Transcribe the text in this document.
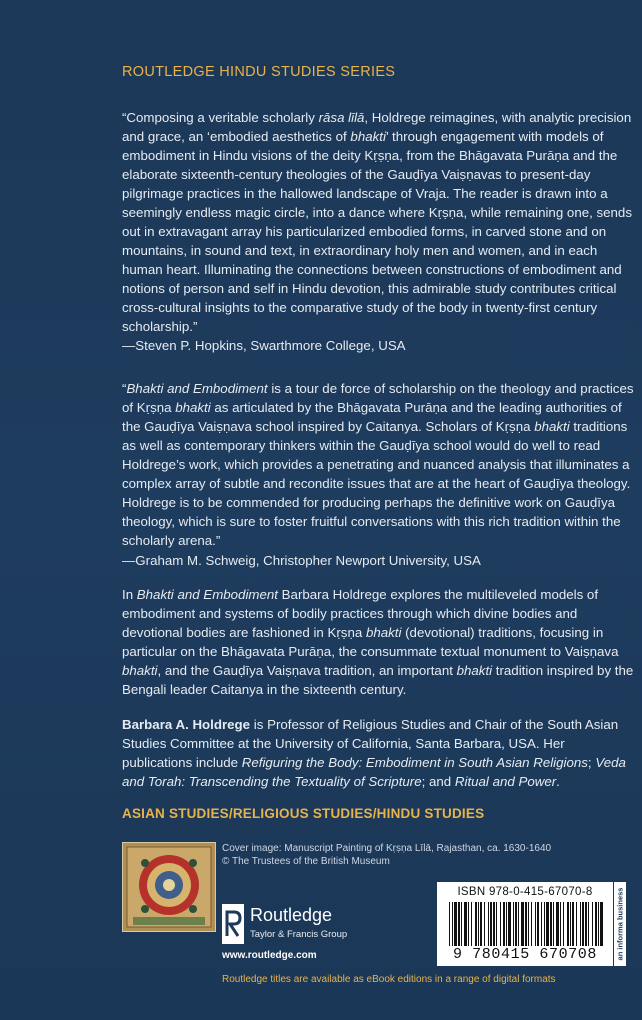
ROUTLEDGE HINDU STUDIES SERIES

“Composing a veritable scholarly rāsa līlā, Holdrege reimagines, with analytic precision and grace, an ‘embodied aesthetics of bhakti’ through engagement with models of embodiment in Hindu visions of the deity Kṛṣṇa, from the Bhāgavata Purāṇa and the elaborate sixteenth-century theologies of the Gauḍīya Vaiṣṇavas to present-day pilgrimage practices in the hallowed landscape of Vraja. The reader is drawn into a seemingly endless magic circle, into a dance where Kṛṣṇa, while remaining one, sends out in extravagant array his particularized embodied forms, in carved stone and on mountains, in sound and text, in extraordinary holy men and women, and in each human heart. Illuminating the connections between constructions of embodiment and notions of person and self in Hindu devotion, this admirable study contributes critical cross-cultural insights to the comparative study of the body in twenty-first century scholarship.”

—Steven P. Hopkins, Swarthmore College, USA

“Bhakti and Embodiment is a tour de force of scholarship on the theology and practices of Kṛṣṇa bhakti as articulated by the Bhāgavata Purāṇa and the leading authorities of the Gauḍīya Vaiṣṇava school inspired by Caitanya. Scholars of Kṛṣṇa bhakti traditions as well as contemporary thinkers within the Gauḍīya school would do well to read Holdrege’s work, which provides a penetrating and nuanced analysis that illuminates a complex array of subtle and recondite issues that are at the heart of Gauḍīya theology. Holdrege is to be commended for producing perhaps the definitive work on Gauḍīya theology, which is sure to foster fruitful conversations with this rich tradition within the scholarly arena.”

—Graham M. Schweig, Christopher Newport University, USA

In Bhakti and Embodiment Barbara Holdrege explores the multileveled models of embodiment and systems of bodily practices through which divine bodies and devotional bodies are fashioned in Kṛṣṇa bhakti (devotional) traditions, focusing in particular on the Bhāgavata Purāṇa, the consummate textual monument to Vaiṣṇava bhakti, and the Gauḍīya Vaiṣṇava tradition, an important bhakti tradition inspired by the Bengali leader Caitanya in the sixteenth century.

Barbara A. Holdrege is Professor of Religious Studies and Chair of the South Asian Studies Committee at the University of California, Santa Barbara, USA. Her publications include Refiguring the Body: Embodiment in South Asian Religions; Veda and Torah: Transcending the Textuality of Scripture; and Ritual and Power.

ASIAN STUDIES/RELIGIOUS STUDIES/HINDU STUDIES
Cover image: Manuscript Painting of Kṛṣṇa Līlā, Rajasthan, ca. 1630-1640
© The Trustees of the British Museum
Routledge
Taylor & Francis Group
www.routledge.com
ISBN 978-0-415-67070-8
9 780415 670708	an informa business
Routledge titles are available as eBook editions in a range of digital formats
